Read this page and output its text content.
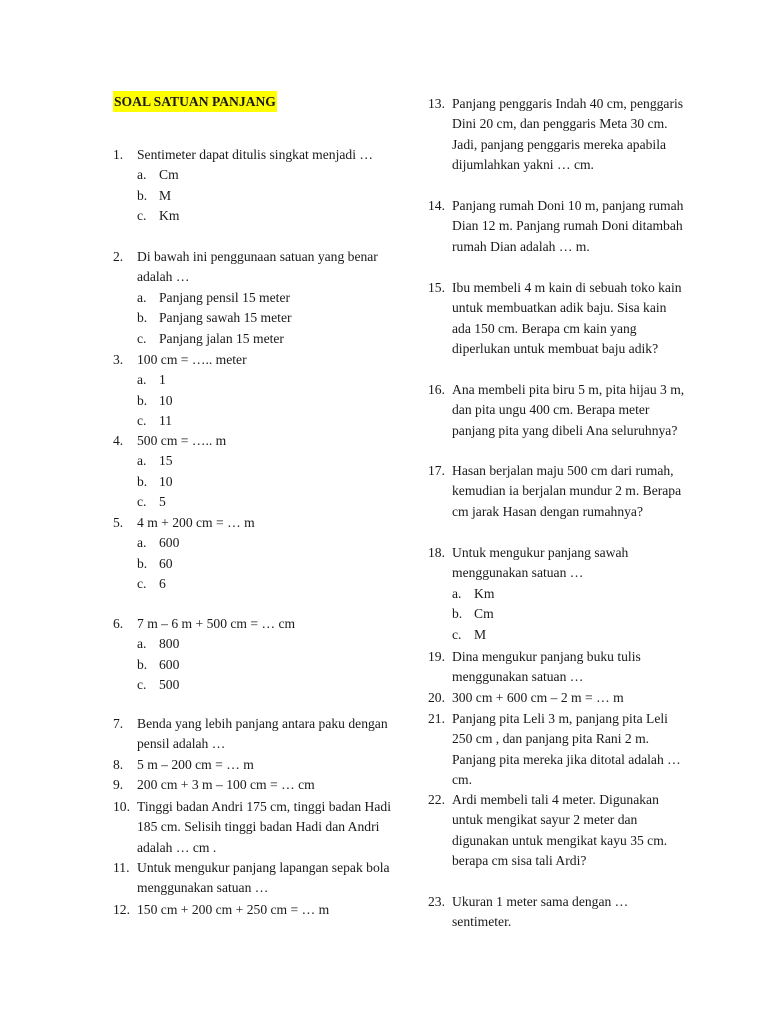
SOAL SATUAN PANJANG
1. Sentimeter dapat ditulis singkat menjadi …
a. Cm
b. M
c. Km
2. Di bawah ini penggunaan satuan yang benar adalah …
a. Panjang pensil 15 meter
b. Panjang sawah 15 meter
c. Panjang jalan 15 meter
3. 100 cm = ….. meter
a. 1
b. 10
c. 11
4. 500 cm = ….. m
a. 15
b. 10
c. 5
5. 4 m + 200 cm = … m
a. 600
b. 60
c. 6
6. 7 m – 6 m + 500 cm = … cm
a. 800
b. 600
c. 500
7. Benda yang lebih panjang antara paku dengan pensil adalah …
8. 5 m – 200 cm = … m
9. 200 cm + 3 m – 100 cm = … cm
10. Tinggi badan Andri 175 cm, tinggi badan Hadi 185 cm. Selisih tinggi badan Hadi dan Andri adalah … cm .
11. Untuk mengukur panjang lapangan sepak bola menggunakan satuan …
12. 150 cm + 200 cm + 250 cm = … m
13. Panjang penggaris Indah 40 cm, penggaris Dini 20 cm, dan penggaris Meta 30 cm. Jadi, panjang penggaris mereka apabila dijumlahkan yakni … cm.
14. Panjang rumah Doni 10 m, panjang rumah Dian 12 m. Panjang rumah Doni ditambah rumah Dian adalah … m.
15. Ibu membeli 4 m kain di sebuah toko kain untuk membuatkan adik baju. Sisa kain ada 150 cm. Berapa cm kain yang diperlukan untuk membuat baju adik?
16. Ana membeli pita biru 5 m, pita hijau 3 m, dan pita ungu 400 cm. Berapa meter panjang pita yang dibeli Ana seluruhnya?
17. Hasan berjalan maju 500 cm dari rumah, kemudian ia berjalan mundur 2 m. Berapa cm jarak Hasan dengan rumahnya?
18. Untuk mengukur panjang sawah menggunakan satuan …
a. Km
b. Cm
c. M
19. Dina mengukur panjang buku tulis menggunakan satuan …
20. 300 cm + 600 cm – 2 m = … m
21. Panjang pita Leli 3 m, panjang pita Leli 250 cm , dan panjang pita Rani 2 m. Panjang pita mereka jika ditotal adalah … cm.
22. Ardi membeli tali 4 meter. Digunakan untuk mengikat sayur 2 meter dan digunakan untuk mengikat kayu 35 cm. berapa cm sisa tali Ardi?
23. Ukuran 1 meter sama dengan … sentimeter.
